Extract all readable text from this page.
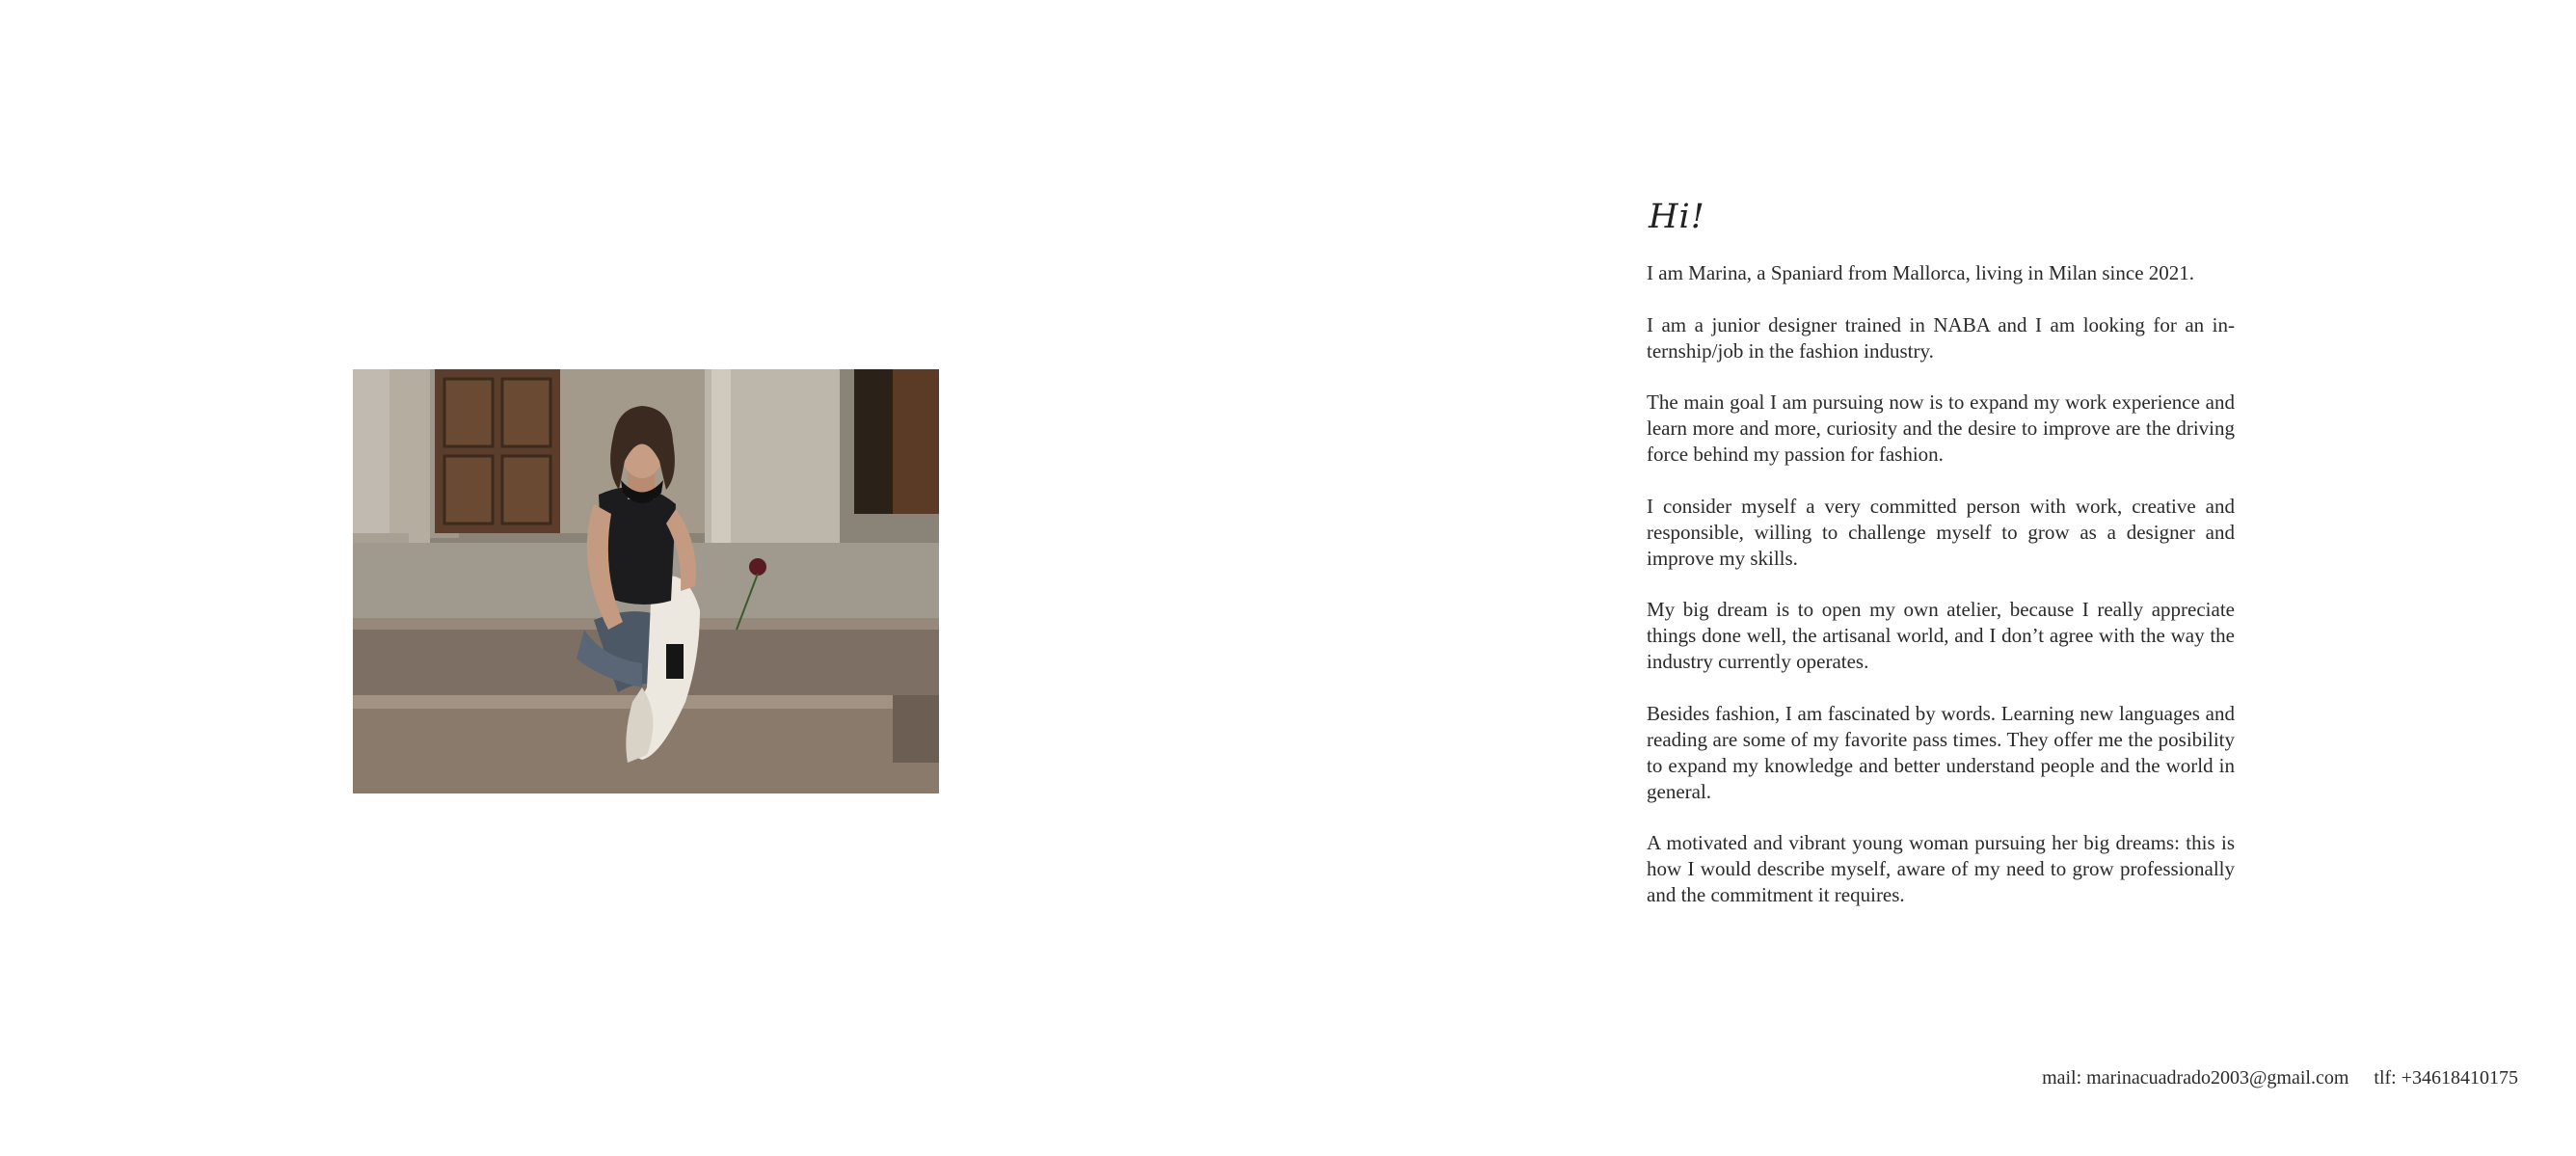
Hi!

I am Marina, a Spaniard from Mallorca, living in Milan since 2021.

I am a junior designer trained in NABA and I am looking for an internship/job in the fashion industry.

The main goal I am pursuing now is to expand my work experience and learn more and more, curiosity and the desire to improve are the driving force behind my passion for fashion.

I consider myself a very committed person with work, creative and responsible, willing to challenge myself to grow as a designer and improve my skills.

My big dream is to open my own atelier, because I really appreciate things done well, the artisanal world, and I don’t agree with the way the industry currently operates.

Besides fashion, I am fascinated by words. Learning new languages and reading are some of my favorite pass times. They offer me the posibility to expand my knowledge and better understand people and the world in general.

A motivated and vibrant young woman pursuing her big dreams: this is how I would describe myself, aware of my need to grow professionally and the commitment it requires.

mail: marinacuadrado2003@gmail.com tlf: +34618410175
